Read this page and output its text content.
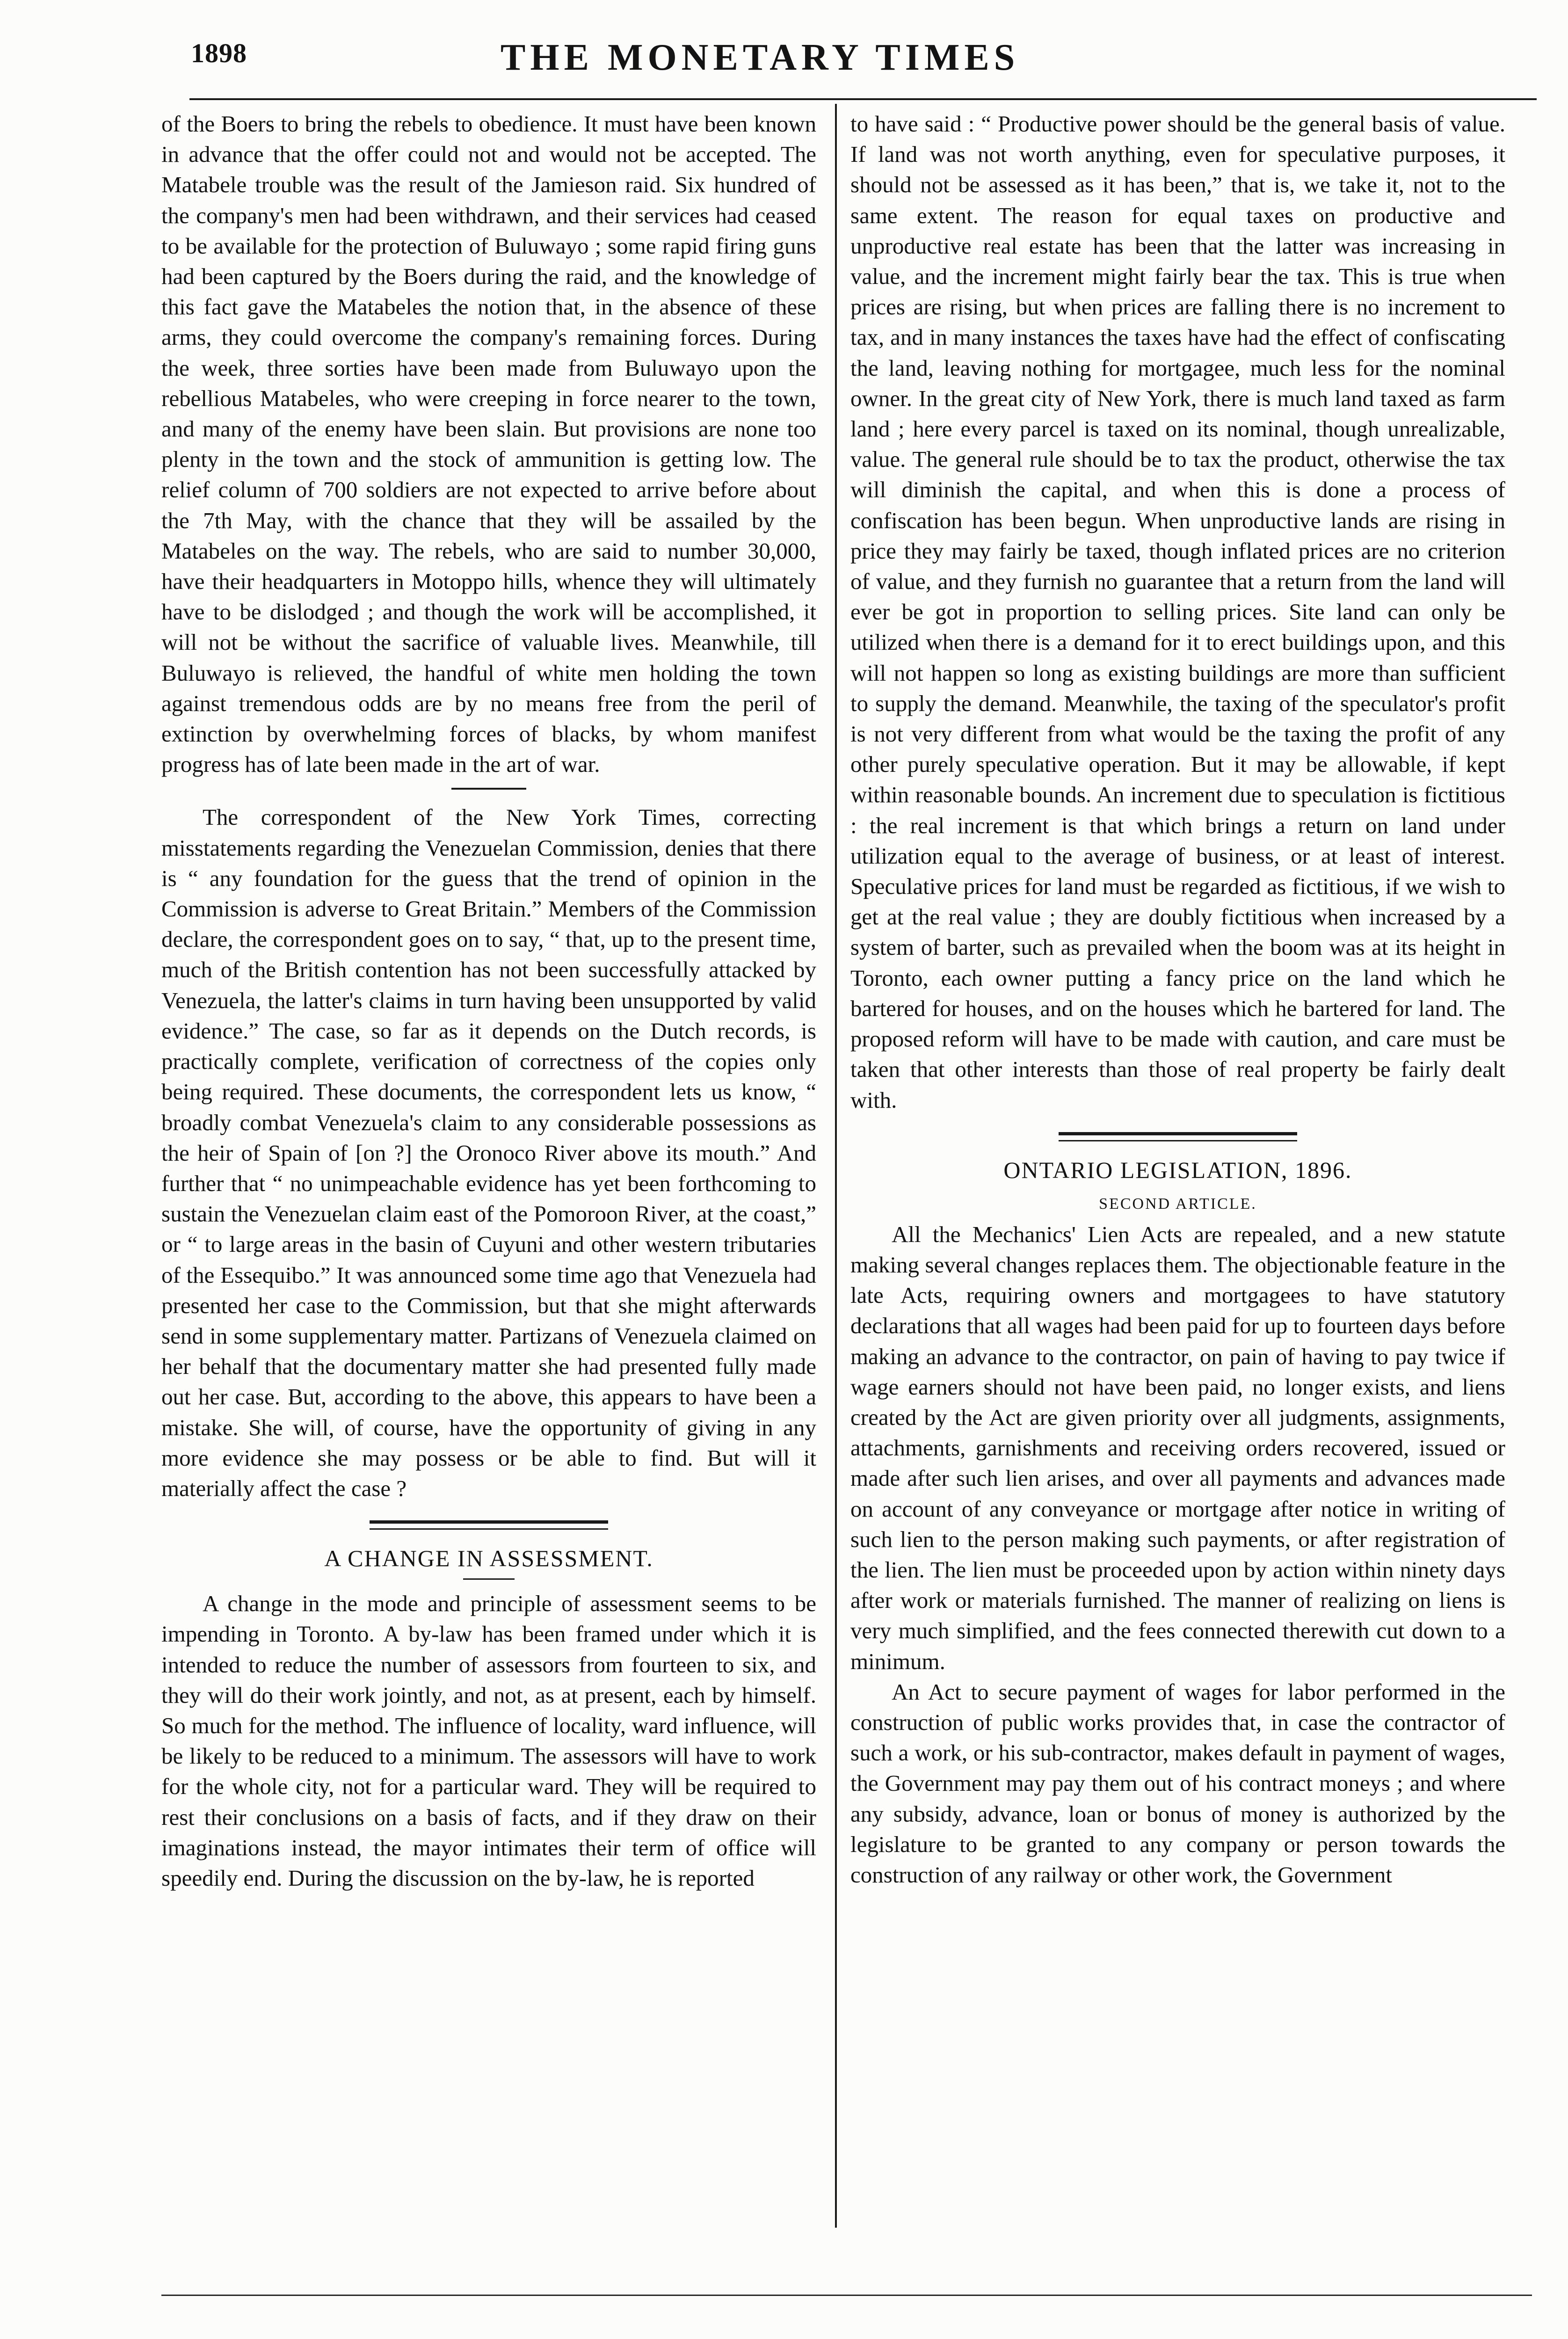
1898	THE MONETARY TIMES

of the Boers to bring the rebels to obedience. It must have been known in advance that the offer could not and would not be accepted. The Matabele trouble was the result of the Jamieson raid. Six hundred of the company's men had been withdrawn, and their services had ceased to be available for the protection of Buluwayo ; some rapid firing guns had been captured by the Boers during the raid, and the knowledge of this fact gave the Matabeles the notion that, in the absence of these arms, they could overcome the company's remaining forces. During the week, three sorties have been made from Buluwayo upon the rebellious Matabeles, who were creeping in force nearer to the town, and many of the enemy have been slain. But provisions are none too plenty in the town and the stock of ammunition is getting low. The relief column of 700 soldiers are not expected to arrive before about the 7th May, with the chance that they will be assailed by the Matabeles on the way. The rebels, who are said to number 30,000, have their headquarters in Motoppo hills, whence they will ultimately have to be dislodged ; and though the work will be accomplished, it will not be without the sacrifice of valuable lives. Meanwhile, till Buluwayo is relieved, the handful of white men holding the town against tremendous odds are by no means free from the peril of extinction by overwhelming forces of blacks, by whom manifest progress has of late been made in the art of war.

The correspondent of the New York Times, correcting misstatements regarding the Venezuelan Commission, denies that there is “ any foundation for the guess that the trend of opinion in the Commission is adverse to Great Britain.” Members of the Commission declare, the correspondent goes on to say, “ that, up to the present time, much of the British contention has not been successfully attacked by Venezuela, the latter's claims in turn having been unsupported by valid evidence.” The case, so far as it depends on the Dutch records, is practically complete, verification of correctness of the copies only being required. These documents, the correspondent lets us know, “ broadly combat Venezuela's claim to any considerable possessions as the heir of Spain of [on ?] the Oronoco River above its mouth.” And further that “ no unimpeachable evidence has yet been forthcoming to sustain the Venezuelan claim east of the Pomoroon River, at the coast,” or “ to large areas in the basin of Cuyuni and other western tributaries of the Essequibo.” It was announced some time ago that Venezuela had presented her case to the Commission, but that she might afterwards send in some supplementary matter. Partizans of Venezuela claimed on her behalf that the documentary matter she had presented fully made out her case. But, according to the above, this appears to have been a mistake. She will, of course, have the opportunity of giving in any more evidence she may possess or be able to find. But will it materially affect the case ?

A CHANGE IN ASSESSMENT.

A change in the mode and principle of assessment seems to be impending in Toronto. A by-law has been framed under which it is intended to reduce the number of assessors from fourteen to six, and they will do their work jointly, and not, as at present, each by himself. So much for the method. The influence of locality, ward influence, will be likely to be reduced to a minimum. The assessors will have to work for the whole city, not for a particular ward. They will be required to rest their conclusions on a basis of facts, and if they draw on their imaginations instead, the mayor intimates their term of office will speedily end. During the discussion on the by-law, he is reported

to have said : “ Productive power should be the general basis of value. If land was not worth anything, even for speculative purposes, it should not be assessed as it has been,” that is, we take it, not to the same extent. The reason for equal taxes on productive and unproductive real estate has been that the latter was increasing in value, and the increment might fairly bear the tax. This is true when prices are rising, but when prices are falling there is no increment to tax, and in many instances the taxes have had the effect of confiscating the land, leaving nothing for mortgagee, much less for the nominal owner. In the great city of New York, there is much land taxed as farm land ; here every parcel is taxed on its nominal, though unrealizable, value. The general rule should be to tax the product, otherwise the tax will diminish the capital, and when this is done a process of confiscation has been begun. When unproductive lands are rising in price they may fairly be taxed, though inflated prices are no criterion of value, and they furnish no guarantee that a return from the land will ever be got in proportion to selling prices. Site land can only be utilized when there is a demand for it to erect buildings upon, and this will not happen so long as existing buildings are more than sufficient to supply the demand. Meanwhile, the taxing of the speculator's profit is not very different from what would be the taxing the profit of any other purely speculative operation. But it may be allowable, if kept within reasonable bounds. An increment due to speculation is fictitious : the real increment is that which brings a return on land under utilization equal to the average of business, or at least of interest. Speculative prices for land must be regarded as fictitious, if we wish to get at the real value ; they are doubly fictitious when increased by a system of barter, such as prevailed when the boom was at its height in Toronto, each owner putting a fancy price on the land which he bartered for houses, and on the houses which he bartered for land. The proposed reform will have to be made with caution, and care must be taken that other interests than those of real property be fairly dealt with.

ONTARIO LEGISLATION, 1896.
SECOND ARTICLE.

All the Mechanics' Lien Acts are repealed, and a new statute making several changes replaces them. The objectionable feature in the late Acts, requiring owners and mortgagees to have statutory declarations that all wages had been paid for up to fourteen days before making an advance to the contractor, on pain of having to pay twice if wage earners should not have been paid, no longer exists, and liens created by the Act are given priority over all judgments, assignments, attachments, garnishments and receiving orders recovered, issued or made after such lien arises, and over all payments and advances made on account of any conveyance or mortgage after notice in writing of such lien to the person making such payments, or after registration of the lien. The lien must be proceeded upon by action within ninety days after work or materials furnished. The manner of realizing on liens is very much simplified, and the fees connected therewith cut down to a minimum.

An Act to secure payment of wages for labor performed in the construction of public works provides that, in case the contractor of such a work, or his sub-contractor, makes default in payment of wages, the Government may pay them out of his contract moneys ; and where any subsidy, advance, loan or bonus of money is authorized by the legislature to be granted to any company or person towards the construction of any railway or other work, the Government
